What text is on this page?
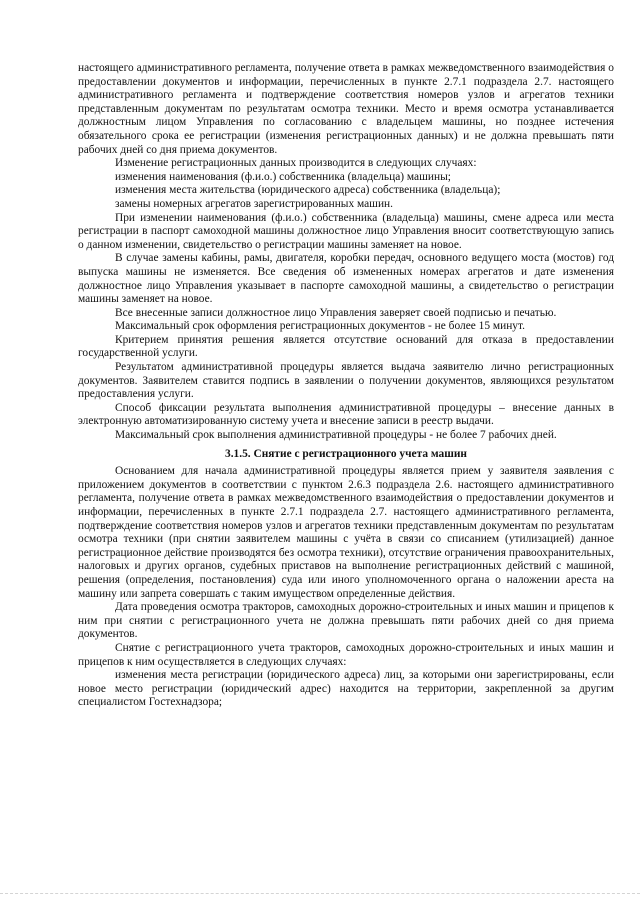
настоящего административного регламента, получение ответа в рамках межведомственного взаимодействия о предоставлении документов и информации, перечисленных в пункте 2.7.1 подраздела 2.7. настоящего административного регламента и подтверждение соответствия номеров узлов и агрегатов техники представленным документам по результатам осмотра техники. Место и время осмотра устанавливается должностным лицом Управления по согласованию с владельцем машины, но позднее истечения обязательного срока ее регистрации (изменения регистрационных данных) и не должна превышать пяти рабочих дней со дня приема документов.

Изменение регистрационных данных производится в следующих случаях:

изменения наименования (ф.и.о.) собственника (владельца) машины;

изменения места жительства (юридического адреса) собственника (владельца);

замены номерных агрегатов зарегистрированных машин.

При изменении наименования (ф.и.о.) собственника (владельца) машины, смене адреса или места регистрации в паспорт самоходной машины должностное лицо Управления вносит соответствующую запись о данном изменении, свидетельство о регистрации машины заменяет на новое.

В случае замены кабины, рамы, двигателя, коробки передач, основного ведущего моста (мостов) год выпуска машины не изменяется. Все сведения об измененных номерах агрегатов и дате изменения должностное лицо Управления указывает в паспорте самоходной машины, а свидетельство о регистрации машины заменяет на новое.

Все внесенные записи должностное лицо Управления заверяет своей подписью и печатью.

Максимальный срок оформления регистрационных документов - не более 15 минут.

Критерием принятия решения является отсутствие оснований для отказа в предоставлении государственной услуги.

Результатом административной процедуры является выдача заявителю лично регистрационных документов. Заявителем ставится подпись в заявлении о получении документов, являющихся результатом предоставления услуги.

Способ фиксации результата выполнения административной процедуры – внесение данных в электронную автоматизированную систему учета и внесение записи в реестр выдачи.

Максимальный срок выполнения административной процедуры - не более 7 рабочих дней.

3.1.5. Снятие с регистрационного учета машин

Основанием для начала административной процедуры является прием у заявителя заявления с приложением документов в соответствии с пунктом 2.6.3 подраздела 2.6. настоящего административного регламента, получение ответа в рамках межведомственного взаимодействия о предоставлении документов и информации, перечисленных в пункте 2.7.1 подраздела 2.7. настоящего административного регламента, подтверждение соответствия номеров узлов и агрегатов техники представленным документам по результатам осмотра техники (при снятии заявителем машины с учёта в связи со списанием (утилизацией) данное регистрационное действие производятся без осмотра техники), отсутствие ограничения правоохранительных, налоговых и других органов, судебных приставов на выполнение регистрационных действий с машиной, решения (определения, постановления) суда или иного уполномоченного органа о наложении ареста на машину или запрета совершать с таким имуществом определенные действия.

Дата проведения осмотра тракторов, самоходных дорожно-строительных и иных машин и прицепов к ним при снятии с регистрационного учета не должна превышать пяти рабочих дней со дня приема документов.

Снятие с регистрационного учета тракторов, самоходных дорожно-строительных и иных машин и прицепов к ним осуществляется в следующих случаях:

изменения места регистрации (юридического адреса) лиц, за которыми они зарегистрированы, если новое место регистрации (юридический адрес) находится на территории, закрепленной за другим специалистом Гостехнадзора;
